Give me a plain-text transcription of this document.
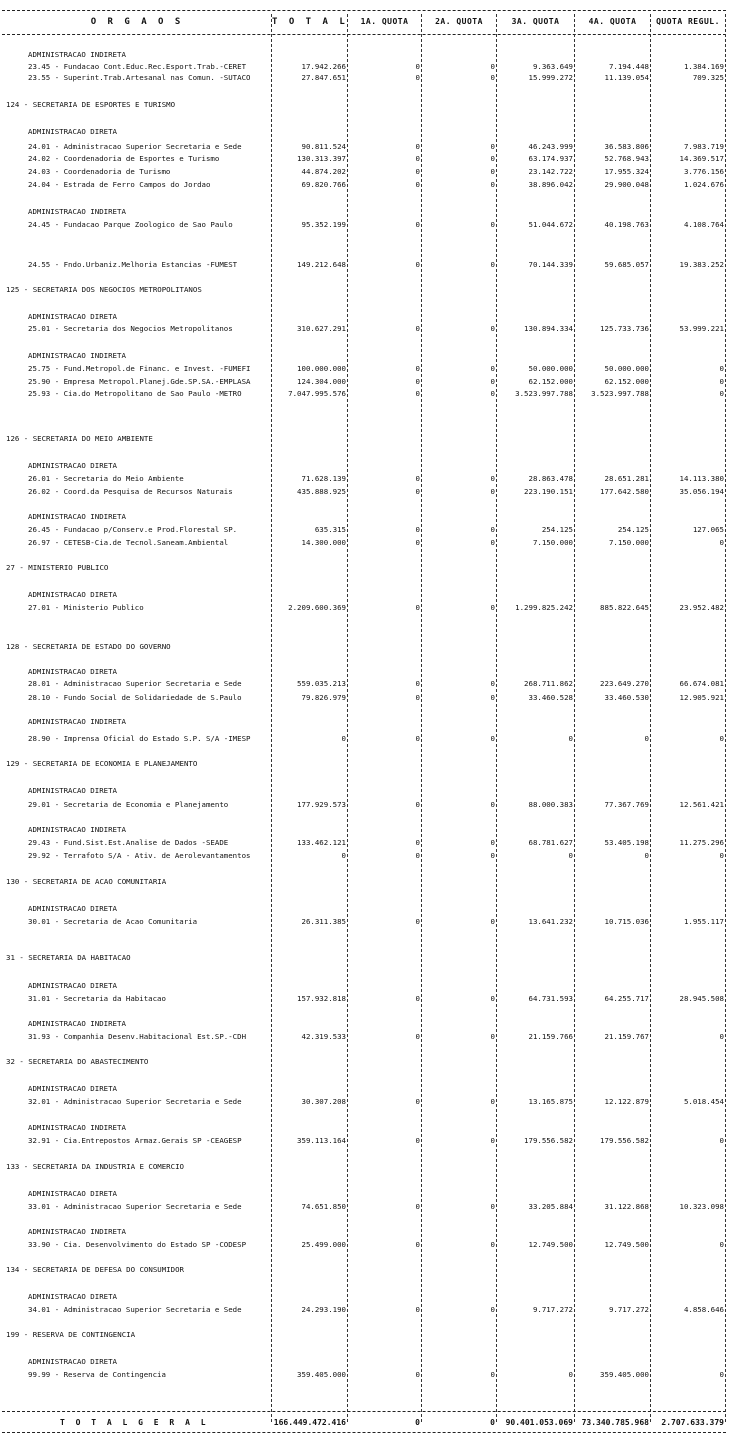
O R G A O S	T O T A L	1A. QUOTA	2A. QUOTA	3A. QUOTA	4A. QUOTA	QUOTA REGUL.
ADMINISTRACAO INDIRETA
23.45 - Fundacao Cont.Educ.Rec.Esport.Trab.-CERET	17.942.266	0	0	9.363.649	7.194.448	1.384.169
23.55 - Superint.Trab.Artesanal nas Comun. -SUTACO	27.847.651	0	0	15.999.272	11.139.054	709.325
124 - SECRETARIA DE ESPORTES E TURISMO
ADMINISTRACAO DIRETA
24.01 - Administracao Superior Secretaria e Sede	90.811.524	0	0	46.243.999	36.583.806	7.983.719
24.02 - Coordenadoria de Esportes e Turismo	130.313.397	0	0	63.174.937	52.768.943	14.369.517
24.03 - Coordenadoria de Turismo	44.874.202	0	0	23.142.722	17.955.324	3.776.156
24.04 - Estrada de Ferro Campos do Jordao	69.820.766	0	0	38.896.042	29.900.048	1.024.676
ADMINISTRACAO INDIRETA
24.45 - Fundacao Parque Zoologico de Sao Paulo	95.352.199	0	0	51.044.672	40.198.763	4.108.764
24.55 - Fndo.Urbaniz.Melhoria Estancias -FUMEST	149.212.648	0	0	70.144.339	59.685.057	19.383.252
125 - SECRETARIA DOS NEGOCIOS METROPOLITANOS
ADMINISTRACAO DIRETA
25.01 - Secretaria dos Negocios Metropolitanos	310.627.291	0	0	130.894.334	125.733.736	53.999.221
ADMINISTRACAO INDIRETA
25.75 - Fund.Metropol.de Financ. e Invest. -FUMEFI	100.000.000	0	0	50.000.000	50.000.000	0
25.90 - Empresa Metropol.Planej.Gde.SP.SA.-EMPLASA	124.304.000	0	0	62.152.000	62.152.000	0
25.93 - Cia.do Metropolitano de Sao Paulo -METRO	7.047.995.576	0	0	3.523.997.788	3.523.997.788	0
126 - SECRETARIA DO MEIO AMBIENTE
ADMINISTRACAO DIRETA
26.01 - Secretaria do Meio Ambiente	71.628.139	0	0	28.863.478	28.651.281	14.113.380
26.02 - Coord.da Pesquisa de Recursos Naturais	435.888.925	0	0	223.190.151	177.642.580	35.056.194
ADMINISTRACAO INDIRETA
26.45 - Fundacao p/Conserv.e Prod.Florestal SP.	635.315	0	0	254.125	254.125	127.065
26.97 - CETESB-Cia.de Tecnol.Saneam.Ambiental	14.300.000	0	0	7.150.000	7.150.000	0
27 - MINISTERIO PUBLICO
ADMINISTRACAO DIRETA
27.01 - Ministerio Publico	2.209.600.369	0	0	1.299.825.242	885.822.645	23.952.482
128 - SECRETARIA DE ESTADO DO GOVERNO
ADMINISTRACAO DIRETA
28.01 - Administracao Superior Secretaria e Sede	559.035.213	0	0	268.711.862	223.649.270	66.674.081
28.10 - Fundo Social de Solidariedade de S.Paulo	79.826.979	0	0	33.460.528	33.460.530	12.905.921
ADMINISTRACAO INDIRETA
28.90 - Imprensa Oficial do Estado S.P. S/A -IMESP	0	0	0	0	0	0
129 - SECRETARIA DE ECONOMIA E PLANEJAMENTO
ADMINISTRACAO DIRETA
29.01 - Secretaria de Economia e Planejamento	177.929.573	0	0	88.000.383	77.367.769	12.561.421
ADMINISTRACAO INDIRETA
29.43 - Fund.Sist.Est.Analise de Dados -SEADE	133.462.121	0	0	68.781.627	53.405.198	11.275.296
29.92 - Terrafoto S/A - Ativ. de Aerolevantamentos	0	0	0	0	0	0
130 - SECRETARIA DE ACAO COMUNITARIA
ADMINISTRACAO DIRETA
30.01 - Secretaria de Acao Comunitaria	26.311.385	0	0	13.641.232	10.715.036	1.955.117
31 - SECRETARIA DA HABITACAO
ADMINISTRACAO DIRETA
31.01 - Secretaria da Habitacao	157.932.818	0	0	64.731.593	64.255.717	28.945.508
ADMINISTRACAO INDIRETA
31.93 - Companhia Desenv.Habitacional Est.SP.-CDH	42.319.533	0	0	21.159.766	21.159.767	0
32 - SECRETARIA DO ABASTECIMENTO
ADMINISTRACAO DIRETA
32.01 - Administracao Superior Secretaria e Sede	30.307.208	0	0	13.165.875	12.122.879	5.018.454
ADMINISTRACAO INDIRETA
32.91 - Cia.Entrepostos Armaz.Gerais SP -CEAGESP	359.113.164	0	0	179.556.582	179.556.582	0
133 - SECRETARIA DA INDUSTRIA E COMERCIO
ADMINISTRACAO DIRETA
33.01 - Administracao Superior Secretaria e Sede	74.651.850	0	0	33.205.884	31.122.868	10.323.098
ADMINISTRACAO INDIRETA
33.90 - Cia. Desenvolvimento do Estado SP -CODESP	25.499.000	0	0	12.749.500	12.749.500	0
134 - SECRETARIA DE DEFESA DO CONSUMIDOR
ADMINISTRACAO DIRETA
34.01 - Administracao Superior Secretaria e Sede	24.293.190	0	0	9.717.272	9.717.272	4.858.646
199 - RESERVA DE CONTINGENCIA
ADMINISTRACAO DIRETA
99.99 - Reserva de Contingencia	359.405.000	0	0	0	359.405.000	0
T O T A L G E R A L	166.449.472.416	0	0	90.401.053.069	73.340.785.968	2.707.633.379
